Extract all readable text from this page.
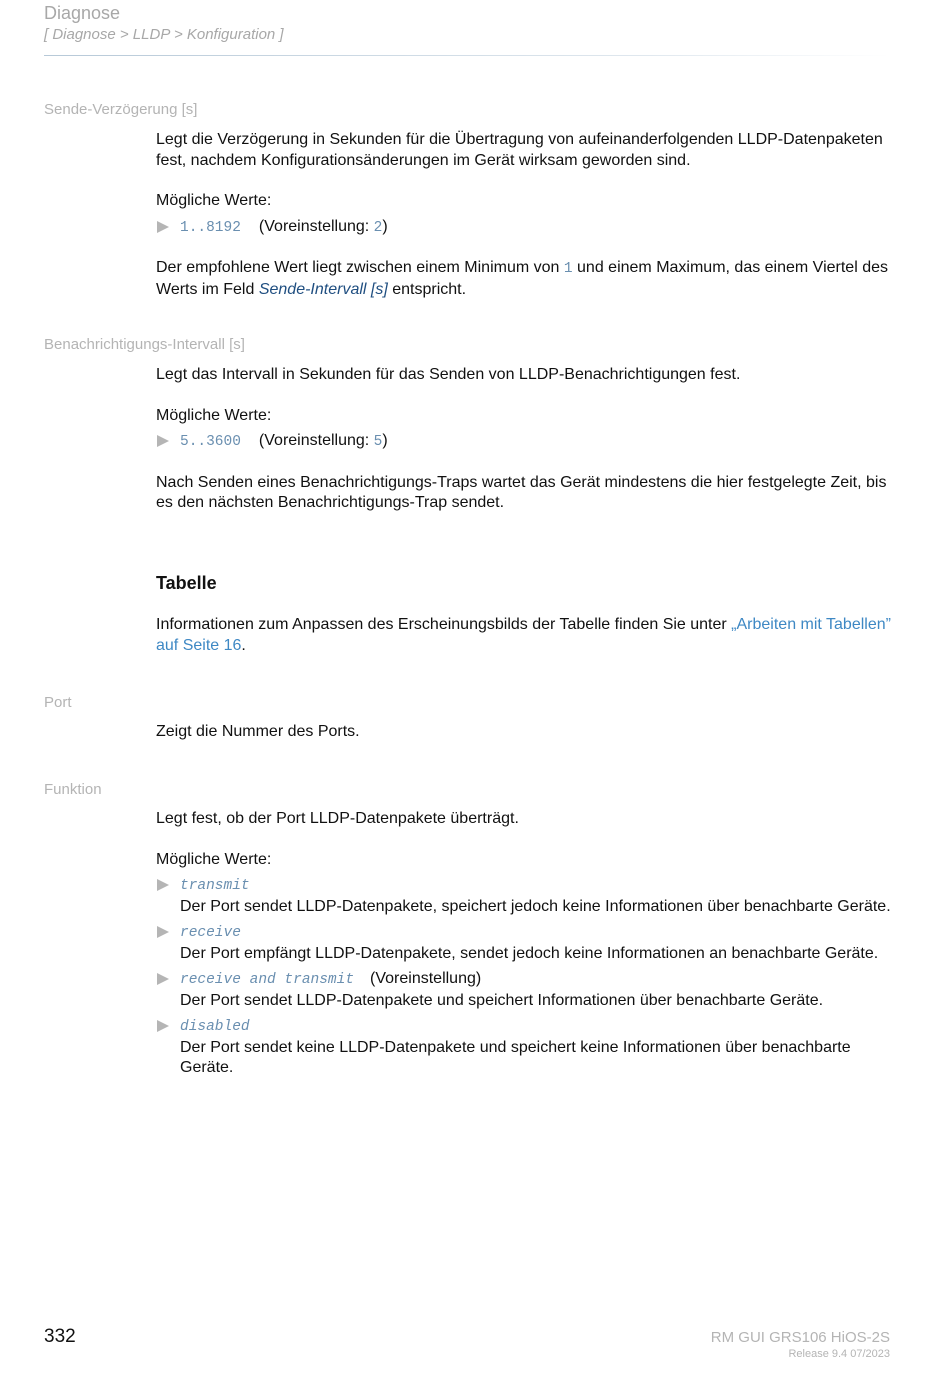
Diagnose
[ Diagnose > LLDP > Konfiguration ]
Sende-Verzögerung [s]

Legt die Verzögerung in Sekunden für die Übertragung von aufeinanderfolgenden LLDP-Datenpaketen fest, nachdem Konfigurationsänderungen im Gerät wirksam geworden sind.

Mögliche Werte:

1..8192 (Voreinstellung: 2)

Der empfohlene Wert liegt zwischen einem Minimum von 1 und einem Maximum, das einem Viertel des Werts im Feld Sende-Intervall [s] entspricht.

Benachrichtigungs-Intervall [s]

Legt das Intervall in Sekunden für das Senden von LLDP-Benachrichtigungen fest.

Mögliche Werte:

5..3600 (Voreinstellung: 5)

Nach Senden eines Benachrichtigungs-Traps wartet das Gerät mindestens die hier festgelegte Zeit, bis es den nächsten Benachrichtigungs-Trap sendet.

Tabelle

Informationen zum Anpassen des Erscheinungsbilds der Tabelle finden Sie unter „Arbeiten mit Tabellen” auf Seite 16.

Port

Zeigt die Nummer des Ports.

Funktion

Legt fest, ob der Port LLDP-Datenpakete überträgt.

Mögliche Werte:

transmit
Der Port sendet LLDP-Datenpakete, speichert jedoch keine Informationen über benachbarte Geräte.
receive
Der Port empfängt LLDP-Datenpakete, sendet jedoch keine Informationen an benachbarte Geräte.
receive and transmit (Voreinstellung)
Der Port sendet LLDP-Datenpakete und speichert Informationen über benachbarte Geräte.
disabled
Der Port sendet keine LLDP-Datenpakete und speichert keine Informationen über benachbarte Geräte.
332	RM GUI GRS106 HiOS-2S
Release 9.4 07/2023
